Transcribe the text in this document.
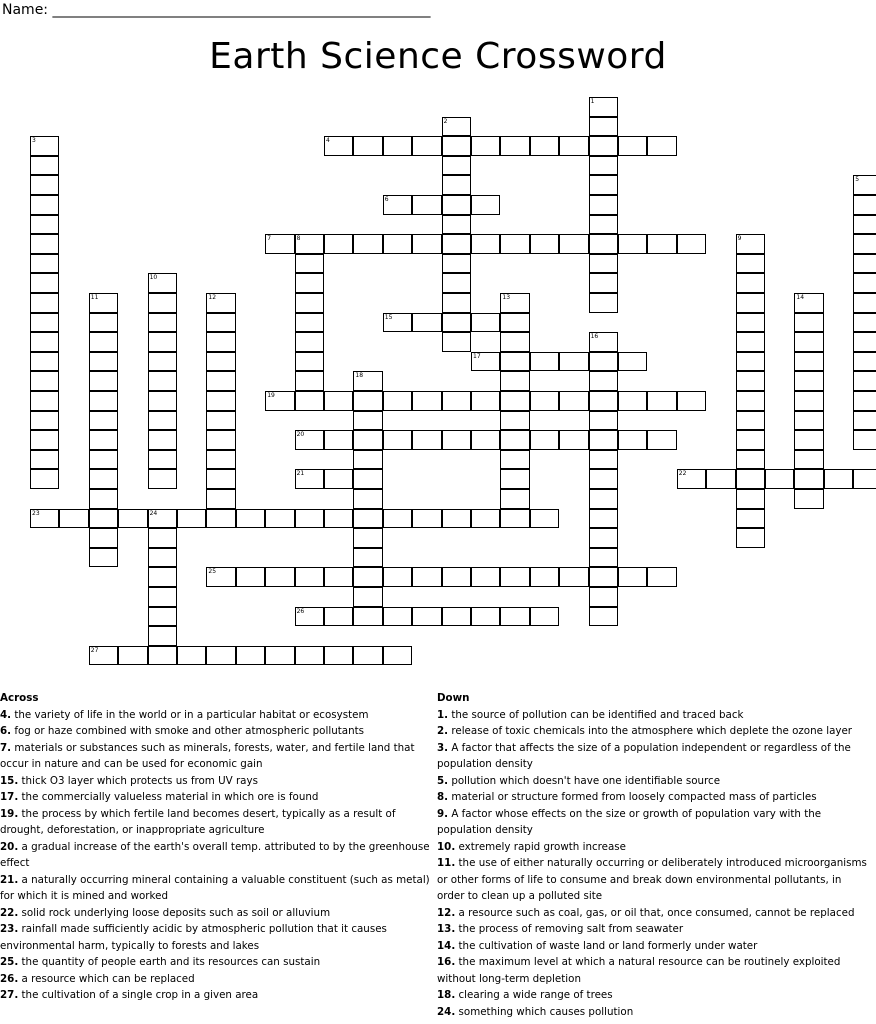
Name: ______________________________________________________
Earth Science Crossword
4
6
7	8
15
17
19
20
21	22
23	24
25
26
27
1
2
3
5
9
10
11	12	13	14
16
18
Across
4. the variety of life in the world or in a particular habitat or ecosystem
6. fog or haze combined with smoke and other atmospheric pollutants
7. materials or substances such as minerals, forests, water, and fertile land that occur in nature and can be used for economic gain
15. thick O3 layer which protects us from UV rays
17. the commercially valueless material in which ore is found
19. the process by which fertile land becomes desert, typically as a result of drought, deforestation, or inappropriate agriculture
20. a gradual increase of the earth's overall temp. attributed to by the greenhouse effect
21. a naturally occurring mineral containing a valuable constituent (such as metal) for which it is mined and worked
22. solid rock underlying loose deposits such as soil or alluvium
23. rainfall made sufficiently acidic by atmospheric pollution that it causes environmental harm, typically to forests and lakes
25. the quantity of people earth and its resources can sustain
26. a resource which can be replaced
27. the cultivation of a single crop in a given area
Down
1. the source of pollution can be identified and traced back
2. release of toxic chemicals into the atmosphere which deplete the ozone layer
3. A factor that affects the size of a population independent or regardless of the population density
5. pollution which doesn't have one identifiable source
8. material or structure formed from loosely compacted mass of particles
9. A factor whose effects on the size or growth of population vary with the population density
10. extremely rapid growth increase
11. the use of either naturally occurring or deliberately introduced microorganisms or other forms of life to consume and break down environmental pollutants, in order to clean up a polluted site
12. a resource such as coal, gas, or oil that, once consumed, cannot be replaced
13. the process of removing salt from seawater
14. the cultivation of waste land or land formerly under water
16. the maximum level at which a natural resource can be routinely exploited without long-term depletion
18. clearing a wide range of trees
24. something which causes pollution
